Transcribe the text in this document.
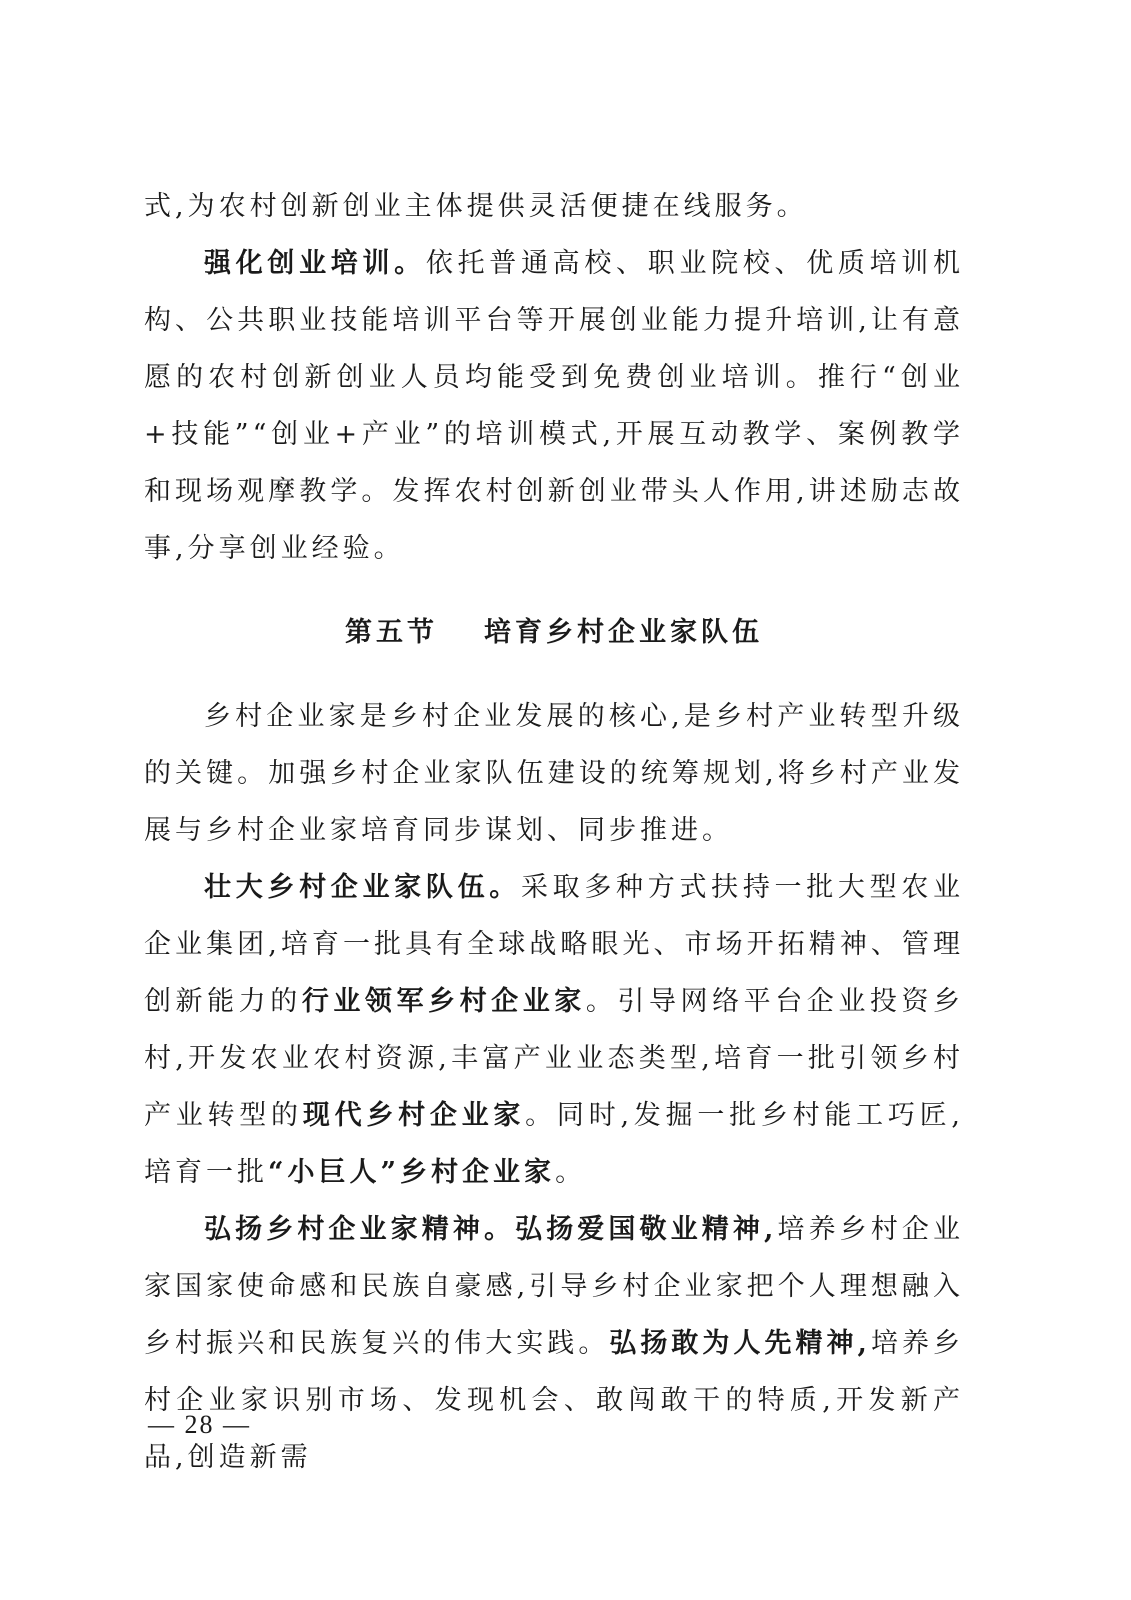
式,为农村创新创业主体提供灵活便捷在线服务。

强化创业培训。依托普通高校、职业院校、优质培训机构、公共职业技能培训平台等开展创业能力提升培训,让有意愿的农村创新创业人员均能受到免费创业培训。推行“创业+技能”“创业+产业”的培训模式,开展互动教学、案例教学和现场观摩教学。发挥农村创新创业带头人作用,讲述励志故事,分享创业经验。

第五节 培育乡村企业家队伍

乡村企业家是乡村企业发展的核心,是乡村产业转型升级的关键。加强乡村企业家队伍建设的统筹规划,将乡村产业发展与乡村企业家培育同步谋划、同步推进。

壮大乡村企业家队伍。采取多种方式扶持一批大型农业企业集团,培育一批具有全球战略眼光、市场开拓精神、管理创新能力的行业领军乡村企业家。引导网络平台企业投资乡村,开发农业农村资源,丰富产业业态类型,培育一批引领乡村产业转型的现代乡村企业家。同时,发掘一批乡村能工巧匠,培育一批“小巨人”乡村企业家。

弘扬乡村企业家精神。弘扬爱国敬业精神,培养乡村企业家国家使命感和民族自豪感,引导乡村企业家把个人理想融入乡村振兴和民族复兴的伟大实践。弘扬敢为人先精神,培养乡村企业家识别市场、发现机会、敢闯敢干的特质,开发新产品,创造新需

— 28 —
